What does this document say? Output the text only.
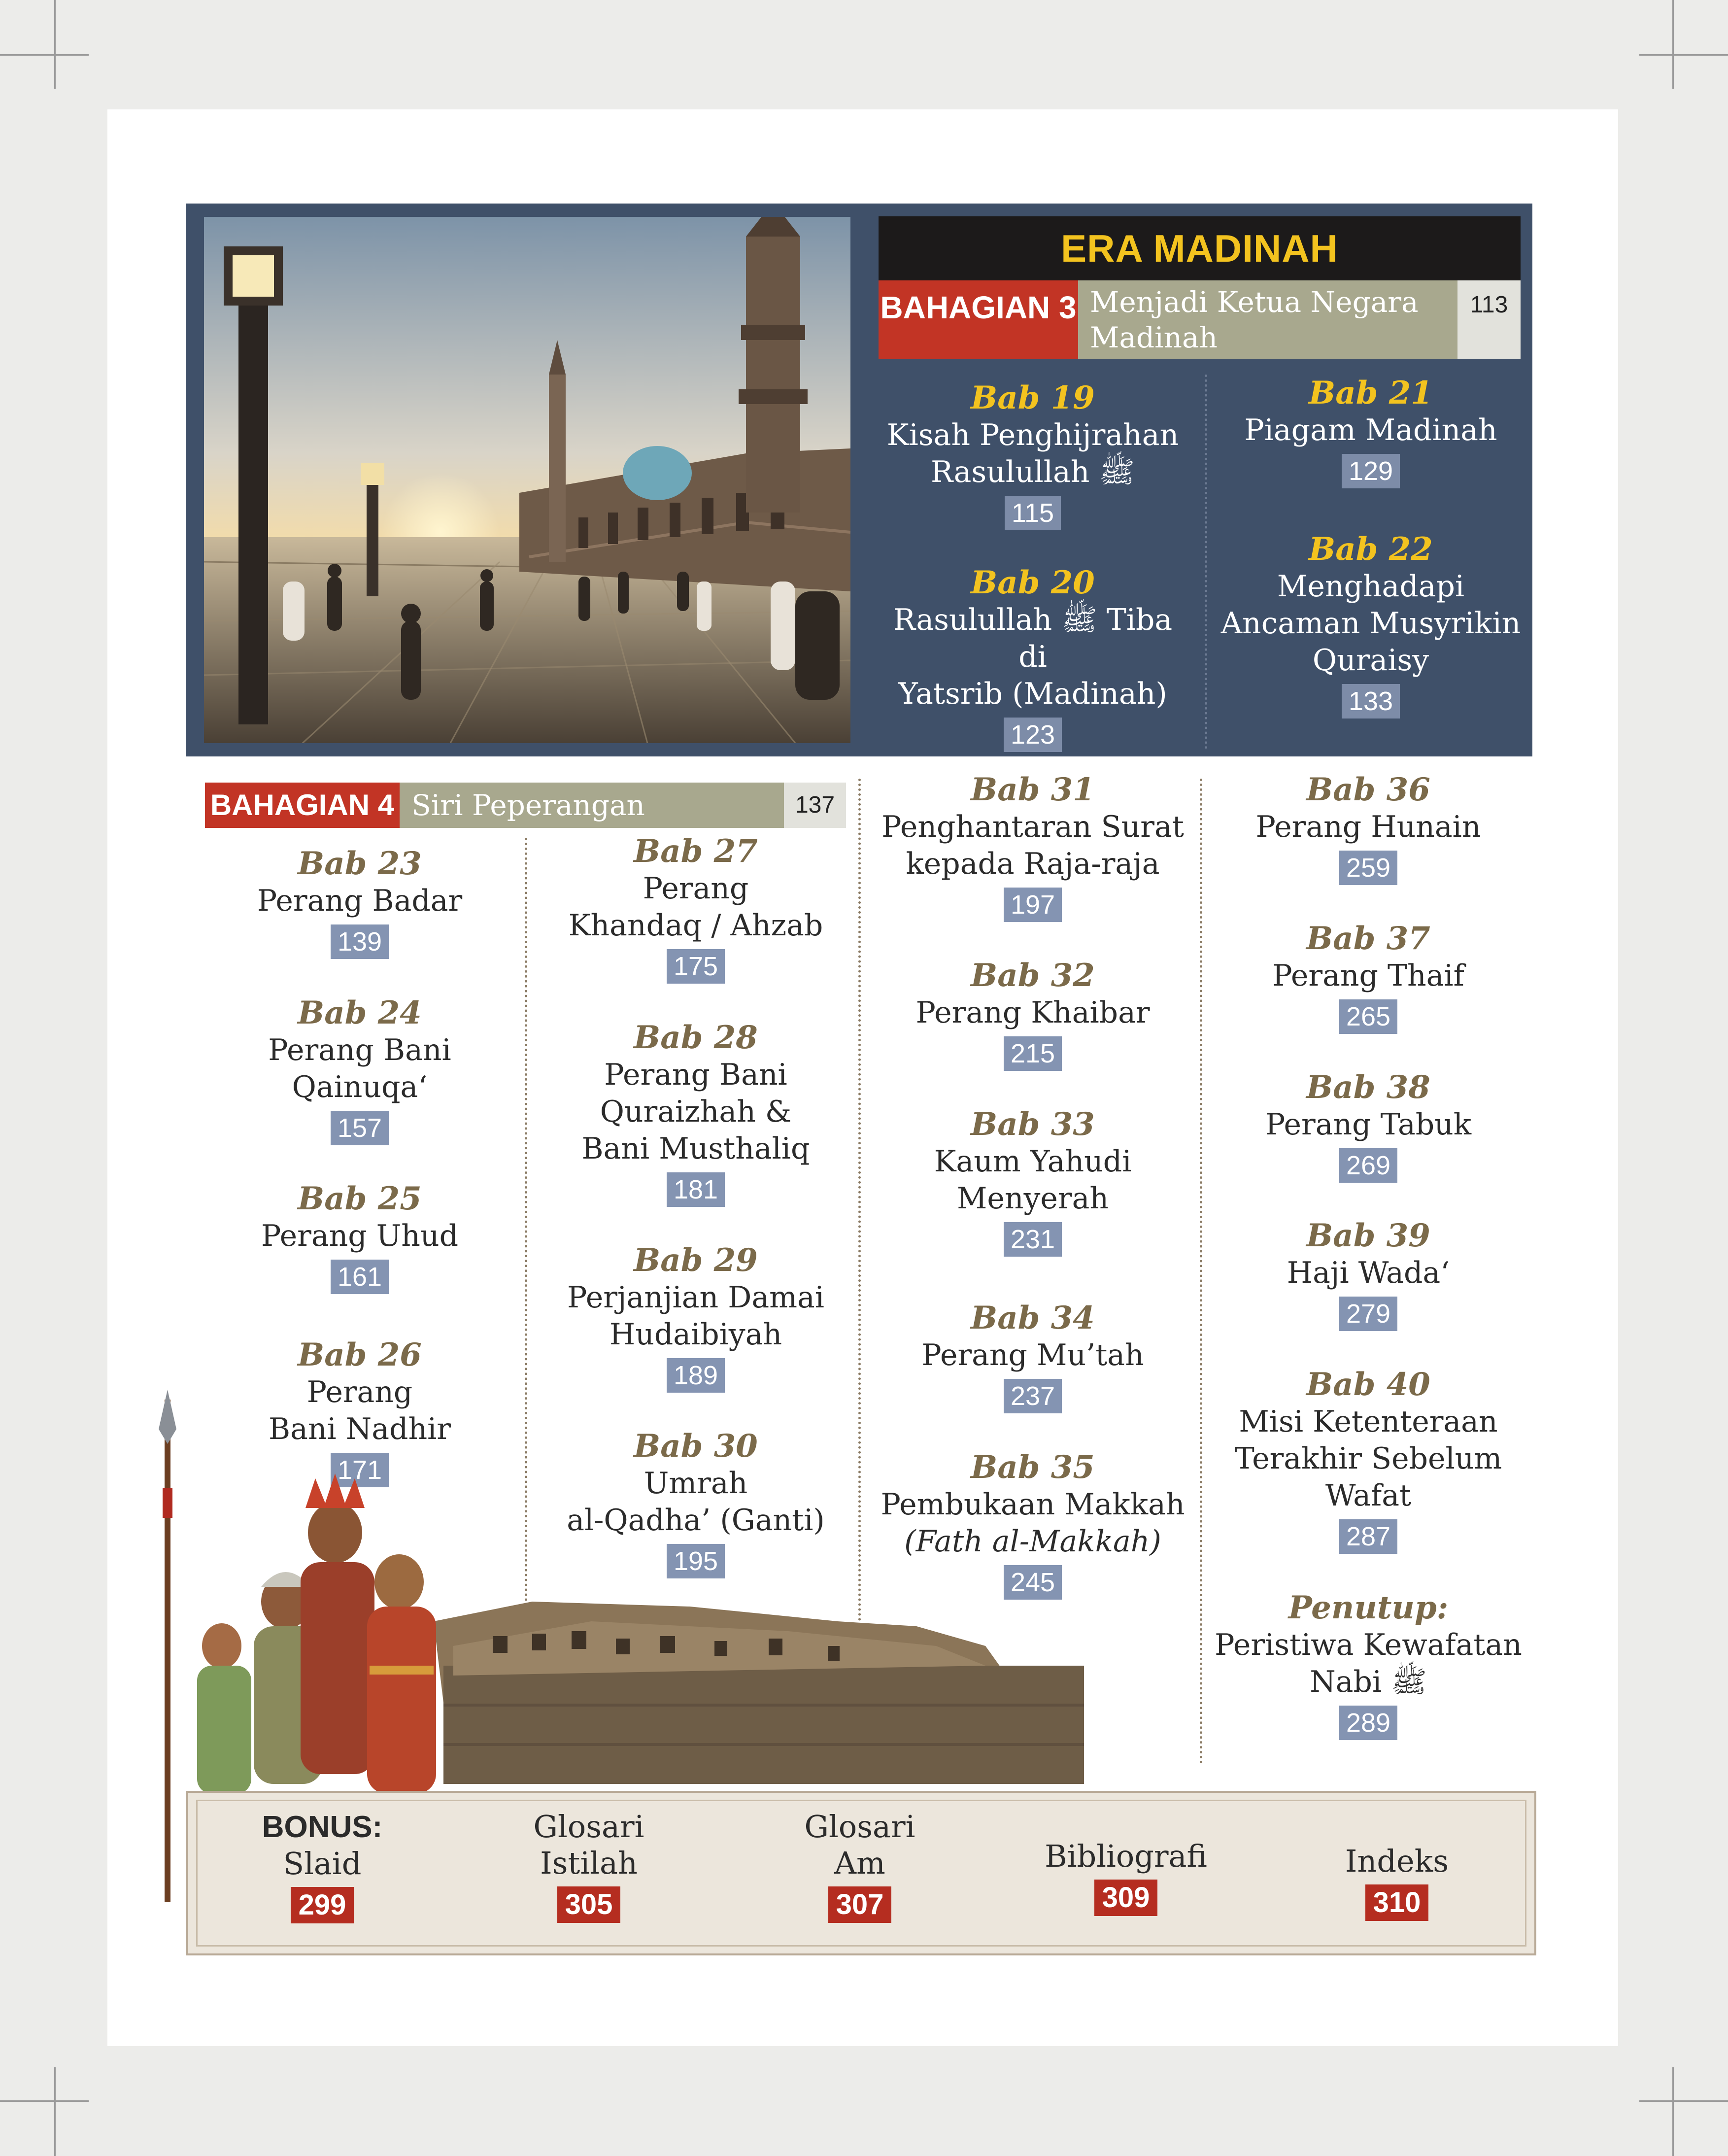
ERA MADINAH
BAHAGIAN 3 Menjadi Ketua Negara
Madinah
113
Bab 19
Kisah Penghijrahan
Rasulullah ﷺ
115
Bab 20
Rasulullah ﷺ Tiba di
Yatsrib (Madinah)
123
Bab 21
Piagam Madinah
129
Bab 22
Menghadapi
Ancaman Musyrikin
Quraisy
133
BAHAGIAN 4 Siri Peperangan	137
Bab 23
Perang Badar
139
Bab 24
Perang Bani
Qainuqa‘
157
Bab 25
Perang Uhud
161
Bab 26
Perang
Bani Nadhir
171
Bab 27
Perang
Khandaq / Ahzab
175
Bab 28
Perang Bani
Quraizhah &
Bani Musthaliq
181
Bab 29
Perjanjian Damai
Hudaibiyah
189
Bab 30
Umrah
al-Qadha’ (Ganti)
195
Bab 31
Penghantaran Surat
kepada Raja-raja
197
Bab 32
Perang Khaibar
215
Bab 33
Kaum Yahudi
Menyerah
231
Bab 34
Perang Mu’tah
237
Bab 35
Pembukaan Makkah
(Fath al-Makkah)
245
Bab 36
Perang Hunain
259
Bab 37
Perang Thaif
265
Bab 38
Perang Tabuk
269
Bab 39
Haji Wada‘
279
Bab 40
Misi Ketenteraan
Terakhir Sebelum
Wafat
287
Penutup:
Peristiwa Kewafatan
Nabi ﷺ
289
BONUS:
Slaid
299
Glosari
Istilah
305
Glosari
Am
307
Bibliografi
309
Indeks
310
